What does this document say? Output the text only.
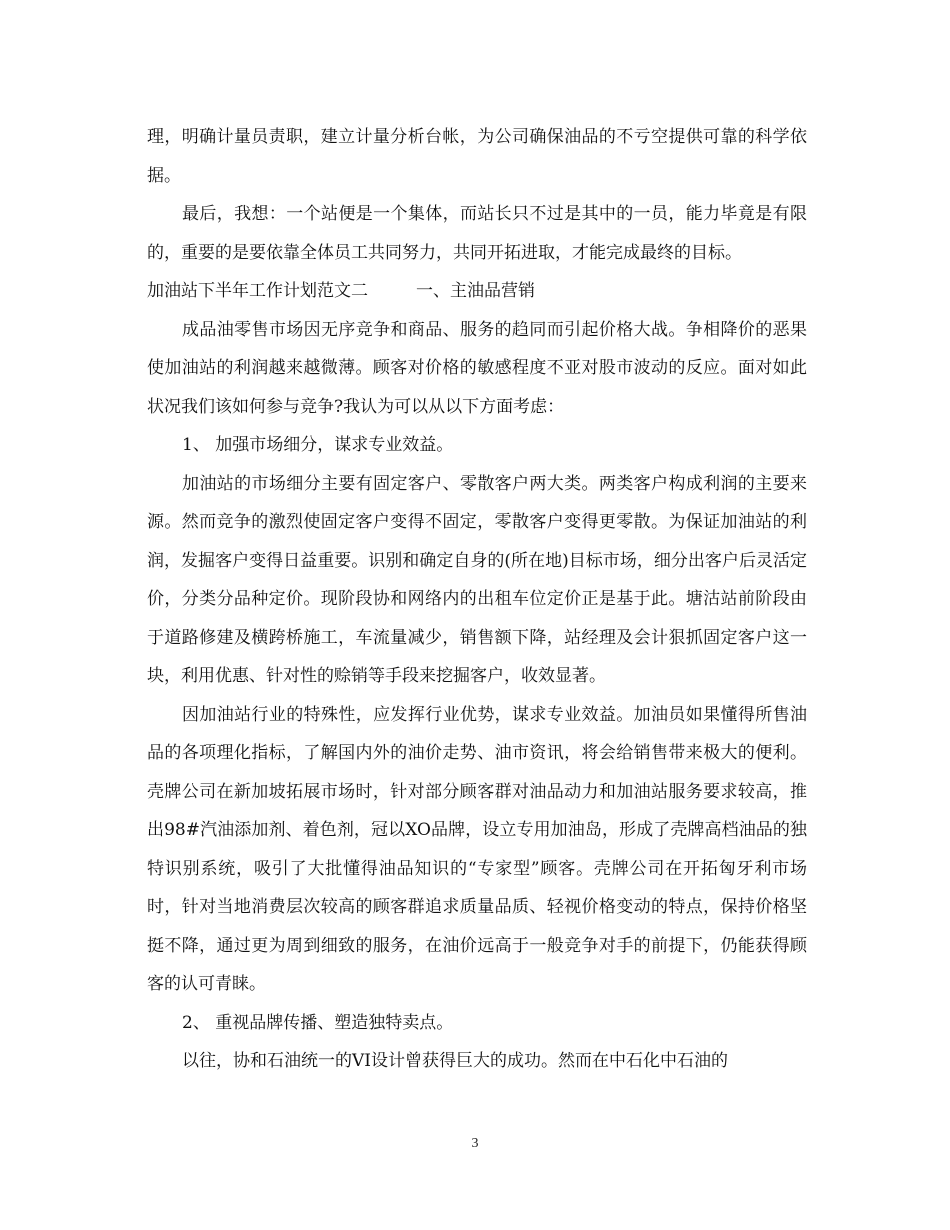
理，明确计量员责职，建立计量分析台帐，为公司确保油品的不亏空提供可靠的科学依据。

最后，我想：一个站便是一个集体，而站长只不过是其中的一员，能力毕竟是有限的，重要的是要依靠全体员工共同努力，共同开拓进取，才能完成最终的目标。

加油站下半年工作计划范文二	一、主油品营销

成品油零售市场因无序竞争和商品、服务的趋同而引起价格大战。争相降价的恶果使加油站的利润越来越微薄。顾客对价格的敏感程度不亚对股市波动的反应。面对如此状况我们该如何参与竞争?我认为可以从以下方面考虑：

1、 加强市场细分，谋求专业效益。

加油站的市场细分主要有固定客户、零散客户两大类。两类客户构成利润的主要来源。然而竞争的激烈使固定客户变得不固定，零散客户变得更零散。为保证加油站的利润，发掘客户变得日益重要。识别和确定自身的(所在地)目标市场，细分出客户后灵活定价，分类分品种定价。现阶段协和网络内的出租车位定价正是基于此。塘沽站前阶段由于道路修建及横跨桥施工，车流量减少，销售额下降，站经理及会计狠抓固定客户这一块，利用优惠、针对性的赊销等手段来挖掘客户，收效显著。

因加油站行业的特殊性，应发挥行业优势，谋求专业效益。加油员如果懂得所售油品的各项理化指标，了解国内外的油价走势、油市资讯，将会给销售带来极大的便利。壳牌公司在新加坡拓展市场时，针对部分顾客群对油品动力和加油站服务要求较高，推出98#汽油添加剂、着色剂，冠以XO品牌，设立专用加油岛，形成了壳牌高档油品的独特识别系统，吸引了大批懂得油品知识的“专家型”顾客。壳牌公司在开拓匈牙利市场时，针对当地消费层次较高的顾客群追求质量品质、轻视价格变动的特点，保持价格坚挺不降，通过更为周到细致的服务，在油价远高于一般竞争对手的前提下，仍能获得顾客的认可青睐。

2、 重视品牌传播、塑造独特卖点。

以往，协和石油统一的VI设计曾获得巨大的成功。然而在中石化中石油的

3
